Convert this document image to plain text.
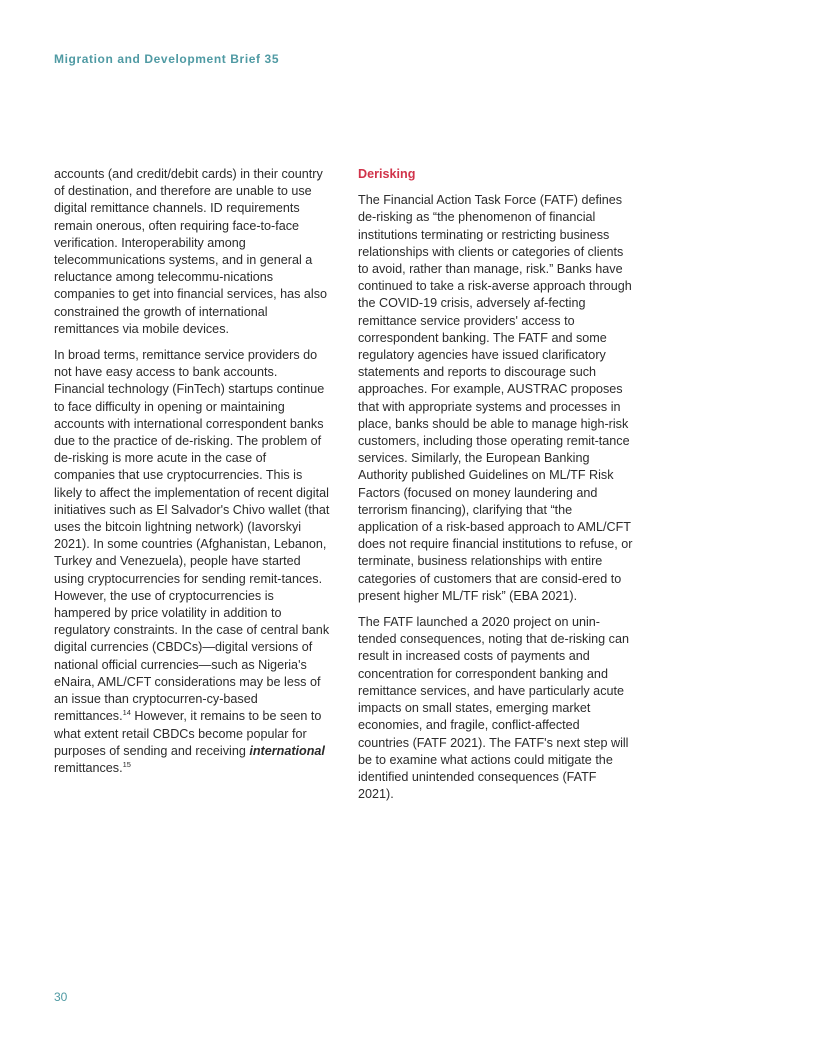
Migration and Development Brief 35

accounts (and credit/debit cards) in their country of destination, and therefore are unable to use digital remittance channels. ID requirements remain onerous, often requiring face-to-face verification. Interoperability among telecommunications systems, and in general a reluctance among telecommu-nications companies to get into financial services, has also constrained the growth of international remittances via mobile devices.

In broad terms, remittance service providers do not have easy access to bank accounts. Financial technology (FinTech) startups continue to face difficulty in opening or maintaining accounts with international correspondent banks due to the practice of de-risking. The problem of de-risking is more acute in the case of companies that use cryptocurrencies. This is likely to affect the implementation of recent digital initiatives such as El Salvador's Chivo wallet (that uses the bitcoin lightning network) (Iavorskyi 2021). In some countries (Afghanistan, Lebanon, Turkey and Venezuela), people have started using cryptocurrencies for sending remit-tances. However, the use of cryptocurrencies is hampered by price volatility in addition to regulatory constraints. In the case of central bank digital currencies (CBDCs)—digital versions of national official currencies—such as Nigeria's eNaira, AML/CFT considerations may be less of an issue than cryptocurren-cy-based remittances.$^{14}$ However, it remains to be seen to what extent retail CBDCs become popular for purposes of sending and receiving international remittances.$^{15}$

Derisking

The Financial Action Task Force (FATF) defines de-risking as “the phenomenon of financial institutions terminating or restricting business relationships with clients or categories of clients to avoid, rather than manage, risk.” Banks have continued to take a risk-averse approach through the COVID-19 crisis, adversely af-fecting remittance service providers' access to correspondent banking. The FATF and some regulatory agencies have issued clarificatory statements and reports to discourage such approaches. For example, AUSTRAC proposes that with appropriate systems and processes in place, banks should be able to manage high-risk customers, including those operating remit-tance services. Similarly, the European Banking Authority published Guidelines on ML/TF Risk Factors (focused on money laundering and terrorism financing), clarifying that “the application of a risk-based approach to AML/CFT does not require financial institutions to refuse, or terminate, business relationships with entire categories of customers that are consid-ered to present higher ML/TF risk” (EBA 2021).

The FATF launched a 2020 project on unin-tended consequences, noting that de-risking can result in increased costs of payments and concentration for correspondent banking and remittance services, and have particularly acute impacts on small states, emerging market economies, and fragile, conflict-affected countries (FATF 2021). The FATF's next step will be to examine what actions could mitigate the identified unintended consequences (FATF 2021).

30
